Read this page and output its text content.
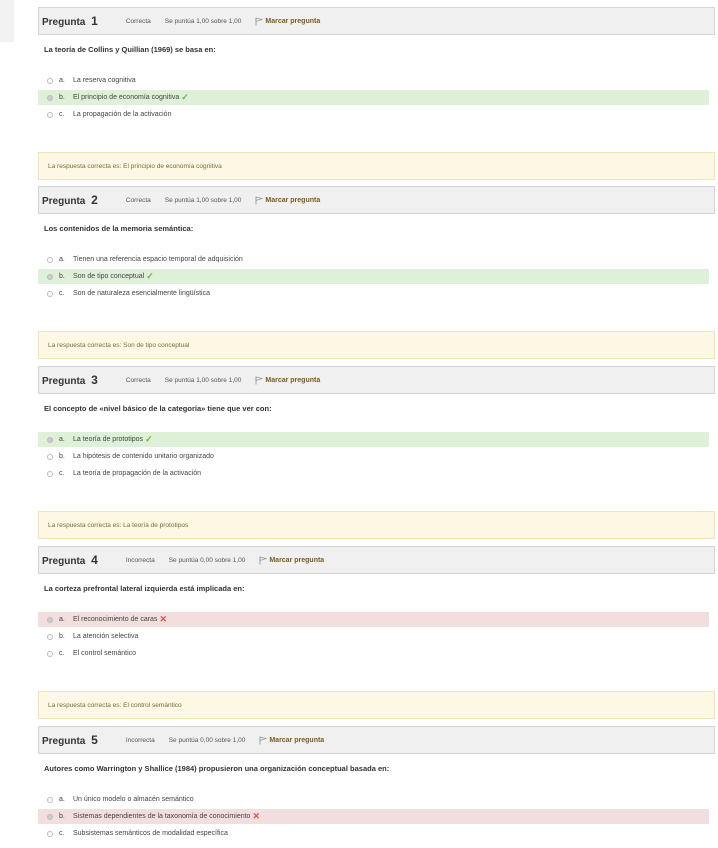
Pregunta 1	Correcta Se puntúa 1,00 sobre 1,00	Marcar pregunta
La teoría de Collins y Quillian (1969) se basa en:
a.	La reserva cognitiva
b.	El principio de economía cognitiva ✓
c.	La propagación de la activación
La respuesta correcta es: El principio de economía cognitiva
Pregunta 2	Correcta Se puntúa 1,00 sobre 1,00	Marcar pregunta
Los contenidos de la memoria semántica:
a.	Tienen una referencia espacio temporal de adquisición
b.	Son de tipo conceptual ✓
c.	Son de naturaleza esencialmente lingüística
La respuesta correcta es: Son de tipo conceptual
Pregunta 3	Correcta Se puntúa 1,00 sobre 1,00	Marcar pregunta
El concepto de «nivel básico de la categoría» tiene que ver con:
a.	La teoría de prototipos ✓
b.	La hipótesis de contenido unitario organizado
c.	La teoría de propagación de la activación
La respuesta correcta es: La teoría de prototipos
Pregunta 4	Incorrecta Se puntúa 0,00 sobre 1,00	Marcar pregunta
La corteza prefrontal lateral izquierda está implicada en:
a.	El reconocimiento de caras ✕
b.	La atención selectiva
c.	El control semántico
La respuesta correcta es: El control semántico
Pregunta 5	Incorrecta Se puntúa 0,00 sobre 1,00	Marcar pregunta
Autores como Warrington y Shallice (1984) propusieron una organización conceptual basada en:
a.	Un único modelo o almacén semántico
b.	Sistemas dependientes de la taxonomía de conocimiento ✕
c.	Subsistemas semánticos de modalidad específica
